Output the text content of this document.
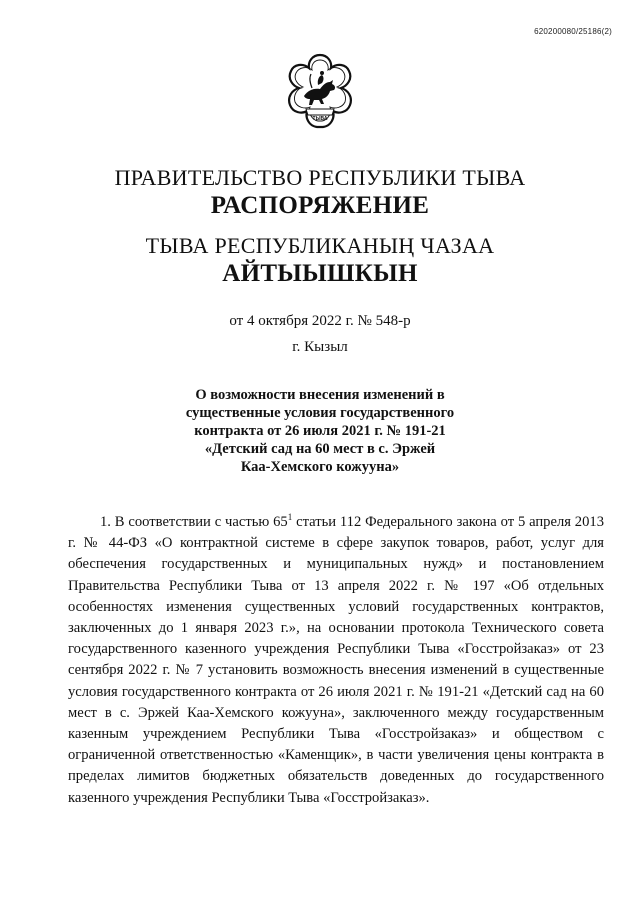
620200080/25186(2)
ТЫВА
ПРАВИТЕЛЬСТВО РЕСПУБЛИКИ ТЫВА
РАСПОРЯЖЕНИЕ
ТЫВА РЕСПУБЛИКАНЫҢ ЧАЗАА
АЙТЫЫШКЫН
от 4 октября 2022 г. № 548-р
г. Кызыл
О возможности внесения изменений в
существенные условия государственного
контракта от 26 июля 2021 г. № 191-21
«Детский сад на 60 мест в с. Эржей
Каа-Хемского кожууна»

1. В соответствии с частью $65^1$ статьи 112 Федерального закона от 5 апреля 2013 г. № 44-ФЗ «О контрактной системе в сфере закупок товаров, работ, услуг для обеспечения государственных и муниципальных нужд» и постановлением Правительства Республики Тыва от 13 апреля 2022 г. № 197 «Об отдельных особенностях изменения существенных условий государственных контрактов, заключенных до 1 января 2023 г.», на основании протокола Технического совета государственного казенного учреждения Республики Тыва «Госстройзаказ» от 23 сентября 2022 г. № 7 установить возможность внесения изменений в существенные условия государственного контракта от 26 июля 2021 г. № 191-21 «Детский сад на 60 мест в с. Эржей Каа-Хемского кожууна», заключенного между государственным казенным учреждением Республики Тыва «Госстройзаказ» и обществом с ограниченной ответственностью «Каменщик», в части увеличения цены контракта в пределах лимитов бюджетных обязательств доведенных до государственного казенного учреждения Республики Тыва «Госстройзаказ».
